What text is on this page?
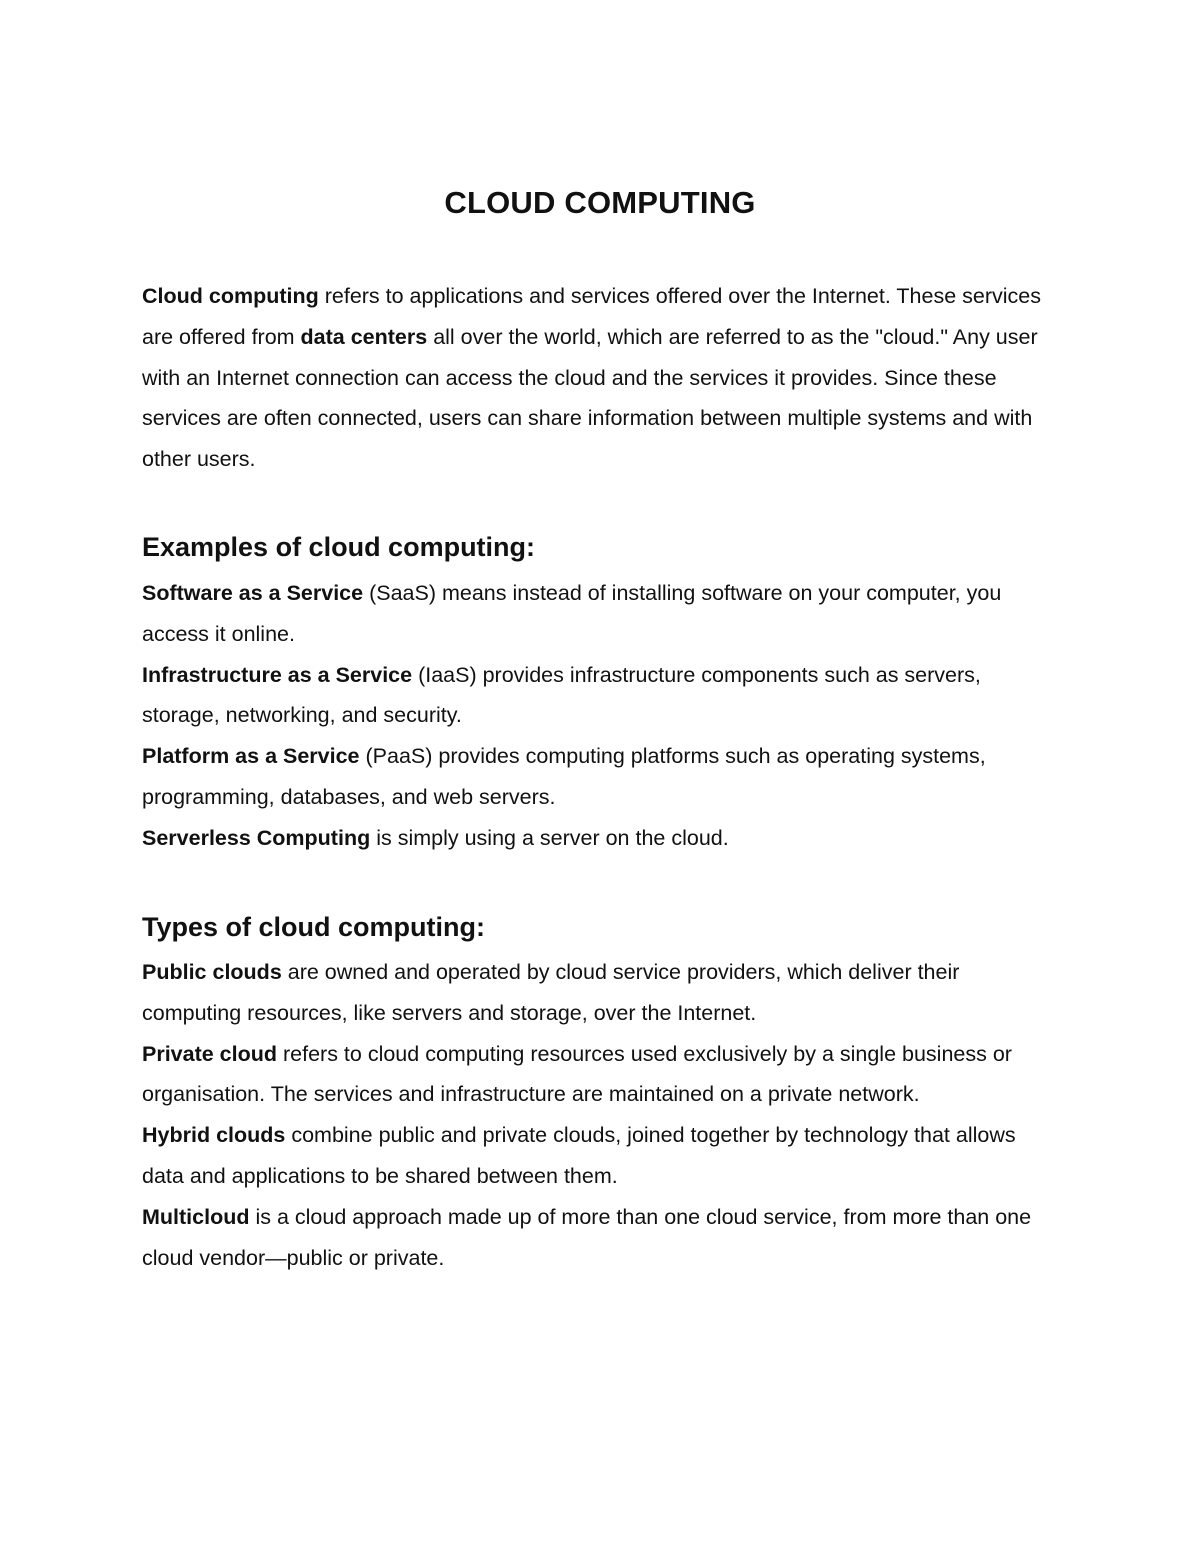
CLOUD COMPUTING

Cloud computing refers to applications and services offered over the Internet. These services are offered from data centers all over the world, which are referred to as the "cloud." Any user with an Internet connection can access the cloud and the services it provides. Since these services are often connected, users can share information between multiple systems and with other users.

Examples of cloud computing:

Software as a Service (SaaS) means instead of installing software on your computer, you access it online.

Infrastructure as a Service (IaaS) provides infrastructure components such as servers, storage, networking, and security.

Platform as a Service (PaaS) provides computing platforms such as operating systems, programming, databases, and web servers.

Serverless Computing is simply using a server on the cloud.

Types of cloud computing:

Public clouds are owned and operated by cloud service providers, which deliver their computing resources, like servers and storage, over the Internet.

Private cloud refers to cloud computing resources used exclusively by a single business or organisation. The services and infrastructure are maintained on a private network.

Hybrid clouds combine public and private clouds, joined together by technology that allows data and applications to be shared between them.

Multicloud is a cloud approach made up of more than one cloud service, from more than one cloud vendor—public or private.
